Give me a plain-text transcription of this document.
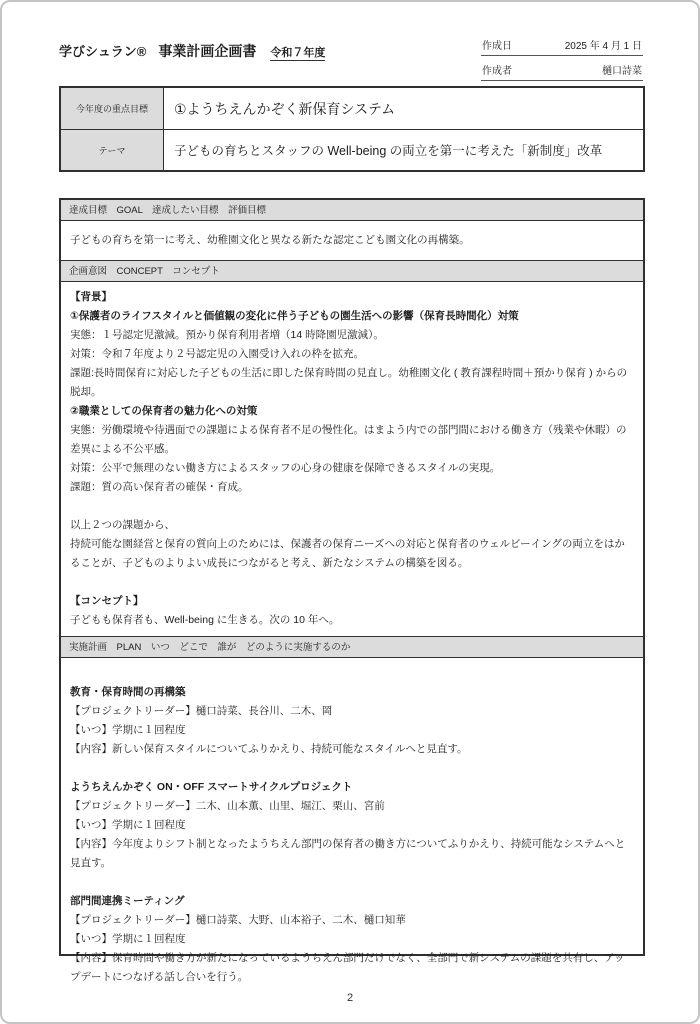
学びシュラン® 事業計画企画書 令和７年度
作成日	2025 年 4 月 1 日
作成者	樋口詩菜
今年度の重点目標	①ようちえんかぞく新保育システム
テーマ	子どもの育ちとスタッフの Well-being の両立を第一に考えた「新制度」改革
達成目標　GOAL　達成したい目標　評価目標
子どもの育ちを第一に考え、幼稚園文化と異なる新たな認定こども園文化の再構築。
企画意図　CONCEPT　コンセプト
【背景】
①保護者のライフスタイルと価値観の変化に伴う子どもの園生活への影響（保育長時間化）対策
実態：１号認定児激減。預かり保育利用者増（14 時降園児激減）。
対策：令和７年度より２号認定児の入園受け入れの枠を拡充。
課題:長時間保育に対応した子どもの生活に即した保育時間の見直し。幼稚園文化 ( 教育課程時間＋預かり保育 ) からの脱却。
②職業としての保育者の魅力化への対策
実態：労働環境や待遇面での課題による保育者不足の慢性化。はまよう内での部門間における働き方（残業や休暇）の差異による不公平感。
対策：公平で無理のない働き方によるスタッフの心身の健康を保障できるスタイルの実現。
課題：質の高い保育者の確保・育成。

以上２つの課題から、
持続可能な園経営と保育の質向上のためには、保護者の保育ニーズへの対応と保育者のウェルビーイングの両立をはかることが、子どものよりよい成長につながると考え、新たなシステムの構築を図る。

【コンセプト】
子どもも保育者も、Well-being に生きる。次の 10 年へ。
実施計画　PLAN　いつ　どこで　誰が　どのように実施するのか

教育・保育時間の再構築
【プロジェクトリーダー】樋口詩菜、長谷川、二木、岡
【いつ】学期に１回程度
【内容】新しい保育スタイルについてふりかえり、持続可能なスタイルへと見直す。

ようちえんかぞく ON・OFF スマートサイクルプロジェクト
【プロジェクトリーダー】二木、山本薫、山里、堀江、栗山、宮前
【いつ】学期に１回程度
【内容】今年度よりシフト制となったようちえん部門の保育者の働き方についてふりかえり、持続可能なシステムへと見直す。

部門間連携ミーティング
【プロジェクトリーダー】樋口詩菜、大野、山本裕子、二木、樋口知華
【いつ】学期に１回程度
【内容】保育時間や働き方が新たになっているようちえん部門だけでなく、全部門で新システムの課題を共有し、アップデートにつなげる話し合いを行う。
2
